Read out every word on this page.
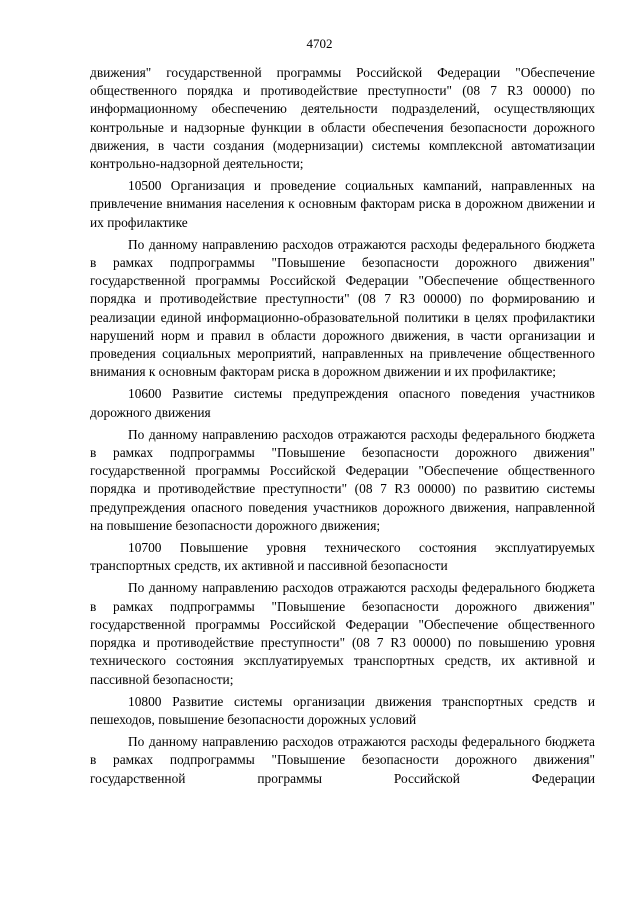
4702

движения" государственной программы Российской Федерации "Обеспечение общественного порядка и противодействие преступности" (08 7 R3 00000) по информационному обеспечению деятельности подразделений, осуществляющих контрольные и надзорные функции в области обеспечения безопасности дорожного движения, в части создания (модернизации) системы комплексной автоматизации контрольно-надзорной деятельности;

10500 Организация и проведение социальных кампаний, направленных на привлечение внимания населения к основным факторам риска в дорожном движении и их профилактике

По данному направлению расходов отражаются расходы федерального бюджета в рамках подпрограммы "Повышение безопасности дорожного движения" государственной программы Российской Федерации "Обеспечение общественного порядка и противодействие преступности" (08 7 R3 00000) по формированию и реализации единой информационно-образовательной политики в целях профилактики нарушений норм и правил в области дорожного движения, в части организации и проведения социальных мероприятий, направленных на привлечение общественного внимания к основным факторам риска в дорожном движении и их профилактике;

10600 Развитие системы предупреждения опасного поведения участников дорожного движения

По данному направлению расходов отражаются расходы федерального бюджета в рамках подпрограммы "Повышение безопасности дорожного движения" государственной программы Российской Федерации "Обеспечение общественного порядка и противодействие преступности" (08 7 R3 00000) по развитию системы предупреждения опасного поведения участников дорожного движения, направленной на повышение безопасности дорожного движения;

10700 Повышение уровня технического состояния эксплуатируемых транспортных средств, их активной и пассивной безопасности

По данному направлению расходов отражаются расходы федерального бюджета в рамках подпрограммы "Повышение безопасности дорожного движения" государственной программы Российской Федерации "Обеспечение общественного порядка и противодействие преступности" (08 7 R3 00000) по повышению уровня технического состояния эксплуатируемых транспортных средств, их активной и пассивной безопасности;

10800 Развитие системы организации движения транспортных средств и пешеходов, повышение безопасности дорожных условий

По данному направлению расходов отражаются расходы федерального бюджета в рамках подпрограммы "Повышение безопасности дорожного движения" государственной программы Российской Федерации
